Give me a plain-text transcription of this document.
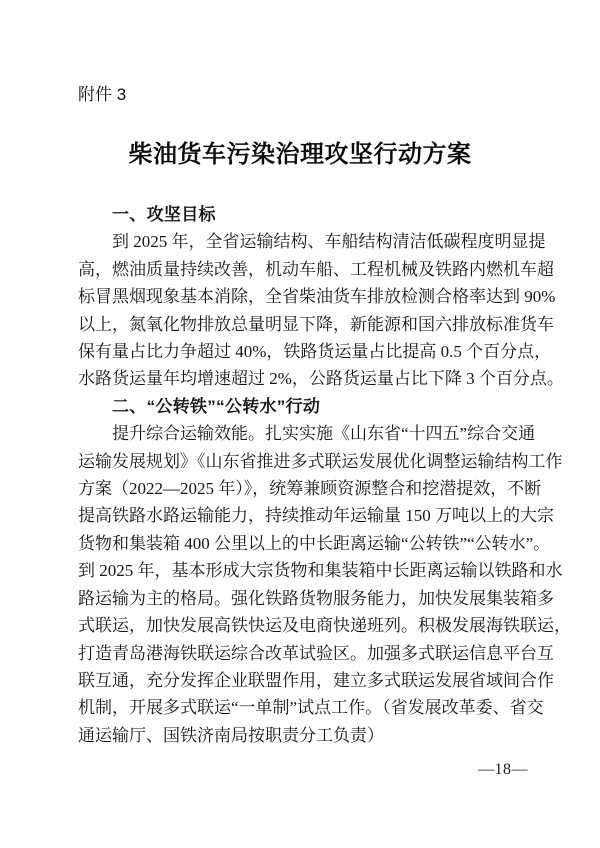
附件 3
柴油货车污染治理攻坚行动方案
一、攻坚目标
到 2025 年，全省运输结构、车船结构清洁低碳程度明显提
高，燃油质量持续改善，机动车船、工程机械及铁路内燃机车超
标冒黑烟现象基本消除，全省柴油货车排放检测合格率达到 90%
以上，氮氧化物排放总量明显下降，新能源和国六排放标准货车
保有量占比力争超过 40%，铁路货运量占比提高 0.5 个百分点，
水路货运量年均增速超过 2%，公路货运量占比下降 3 个百分点。
二、“公转铁”“公转水”行动
提升综合运输效能。扎实实施《山东省“十四五”综合交通
运输发展规划》《山东省推进多式联运发展优化调整运输结构工作
方案（2022—2025 年）》，统筹兼顾资源整合和挖潜提效，不断
提高铁路水路运输能力，持续推动年运输量 150 万吨以上的大宗
货物和集装箱 400 公里以上的中长距离运输“公转铁”“公转水”。
到 2025 年，基本形成大宗货物和集装箱中长距离运输以铁路和水
路运输为主的格局。强化铁路货物服务能力，加快发展集装箱多
式联运，加快发展高铁快运及电商快递班列。积极发展海铁联运，
打造青岛港海铁联运综合改革试验区。加强多式联运信息平台互
联互通，充分发挥企业联盟作用，建立多式联运发展省域间合作
机制，开展多式联运“一单制”试点工作。（省发展改革委、省交
通运输厅、国铁济南局按职责分工负责）
—18—
